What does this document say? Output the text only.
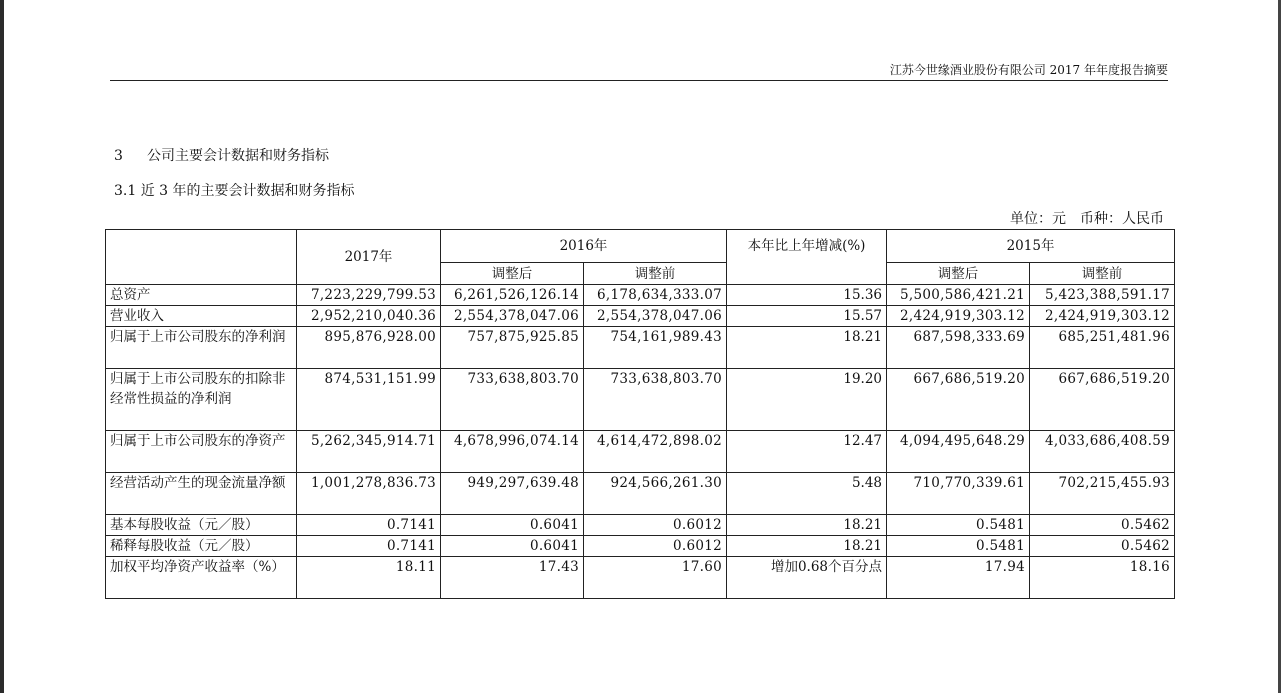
江苏今世缘酒业股份有限公司 2017 年年度报告摘要
3 公司主要会计数据和财务指标
3.1 近 3 年的主要会计数据和财务指标
单位：元　币种：人民币
	2017年	2016年		本年比上年增减(%)	2015年	
		调整后	调整前		调整后	调整前
总资产	7,223,229,799.53	6,261,526,126.14	6,178,634,333.07	15.36	5,500,586,421.21	5,423,388,591.17
营业收入	2,952,210,040.36	2,554,378,047.06	2,554,378,047.06	15.57	2,424,919,303.12	2,424,919,303.12
归属于上市公司股东的净利润	895,876,928.00	757,875,925.85	754,161,989.43	18.21	687,598,333.69	685,251,481.96
归属于上市公司股东的扣除非经常性损益的净利润	874,531,151.99	733,638,803.70	733,638,803.70	19.20	667,686,519.20	667,686,519.20
归属于上市公司股东的净资产	5,262,345,914.71	4,678,996,074.14	4,614,472,898.02	12.47	4,094,495,648.29	4,033,686,408.59
经营活动产生的现金流量净额	1,001,278,836.73	949,297,639.48	924,566,261.30	5.48	710,770,339.61	702,215,455.93
基本每股收益（元／股）	0.7141	0.6041	0.6012	18.21	0.5481	0.5462
稀释每股收益（元／股）	0.7141	0.6041	0.6012	18.21	0.5481	0.5462
加权平均净资产收益率（%）	18.11	17.43	17.60	增加0.68个百分点	17.94	18.16
